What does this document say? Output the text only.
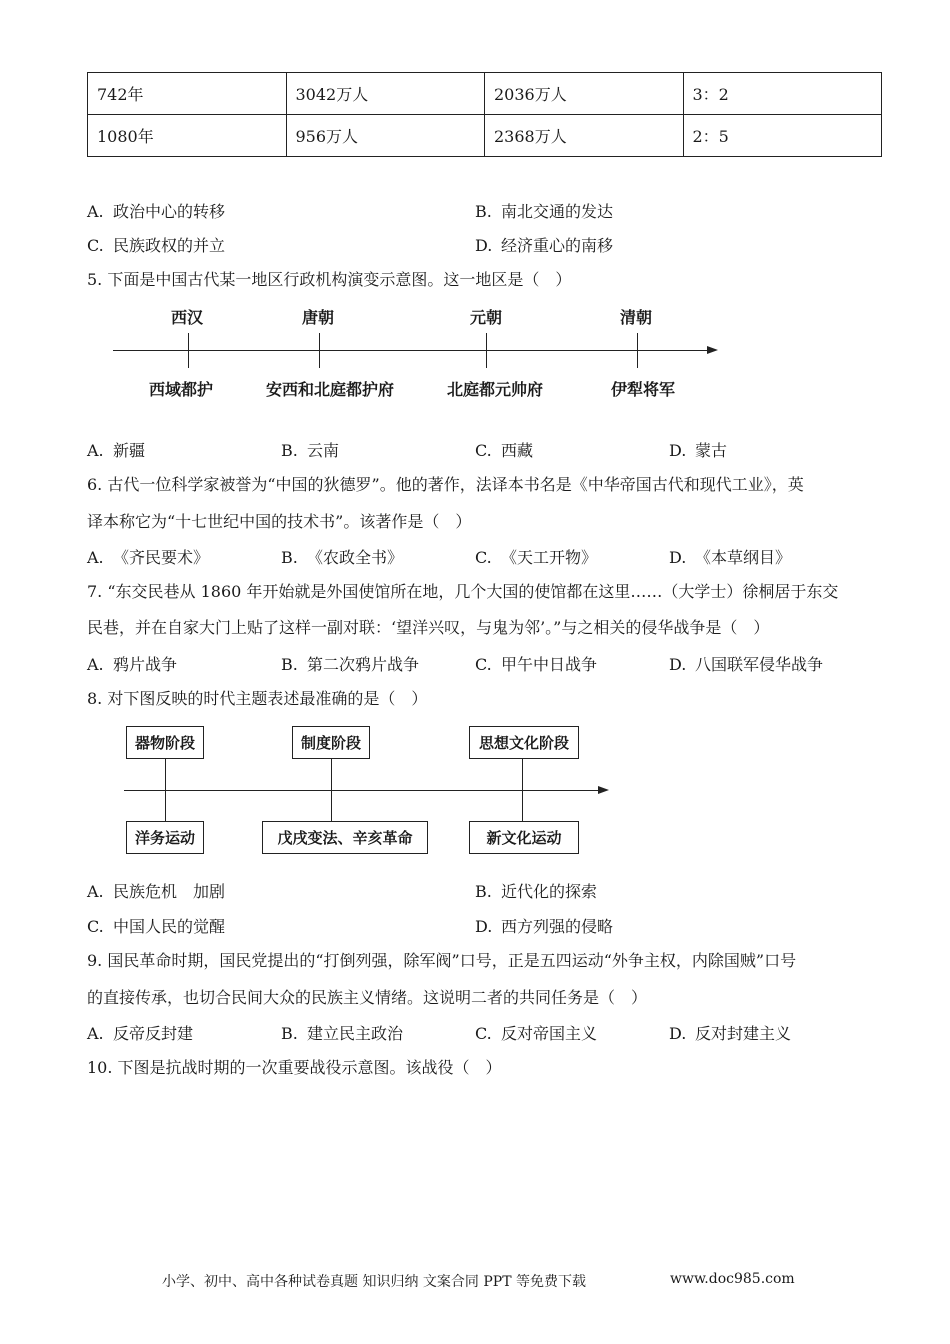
742年	3042万人	2036万人	3：2
1080年	956万人	2368万人	2：5
A. 政治中心的转移	B. 南北交通的发达
C. 民族政权的并立	D. 经济重心的南移
5. 下面是中国古代某一地区行政机构演变示意图。这一地区是（　）
西汉	唐朝	元朝	清朝
西域都护	安西和北庭都护府	北庭都元帅府	伊犁将军
A. 新疆	B. 云南	C. 西藏	D. 蒙古
6. 古代一位科学家被誉为“中国的狄德罗”。他的著作，法译本书名是《中华帝国古代和现代工业》，英
译本称它为“十七世纪中国的技术书”。该著作是（　）
A. 《齐民要术》	B. 《农政全书》	C. 《天工开物》	D. 《本草纲目》
7. “东交民巷从 1860 年开始就是外国使馆所在地，几个大国的使馆都在这里……（大学士）徐桐居于东交
民巷，并在自家大门上贴了这样一副对联：‘望洋兴叹，与鬼为邻’。”与之相关的侵华战争是（　）
A. 鸦片战争	B. 第二次鸦片战争	C. 甲午中日战争	D. 八国联军侵华战争
8. 对下图反映的时代主题表述最准确的是（　）
器物阶段	制度阶段	思想文化阶段
洋务运动	戊戌变法、辛亥革命	新文化运动
A. 民族危机　加剧	B. 近代化的探索
C. 中国人民的觉醒	D. 西方列强的侵略
9. 国民革命时期，国民党提出的“打倒列强，除军阀”口号，正是五四运动“外争主权，内除国贼”口号
的直接传承，也切合民间大众的民族主义情绪。这说明二者的共同任务是（　）
A. 反帝反封建	B. 建立民主政治	C. 反对帝国主义	D. 反对封建主义
10. 下图是抗战时期的一次重要战役示意图。该战役（　）
小学、初中、高中各种试卷真题 知识归纳 文案合同 PPT 等免费下载	www.doc985.com
